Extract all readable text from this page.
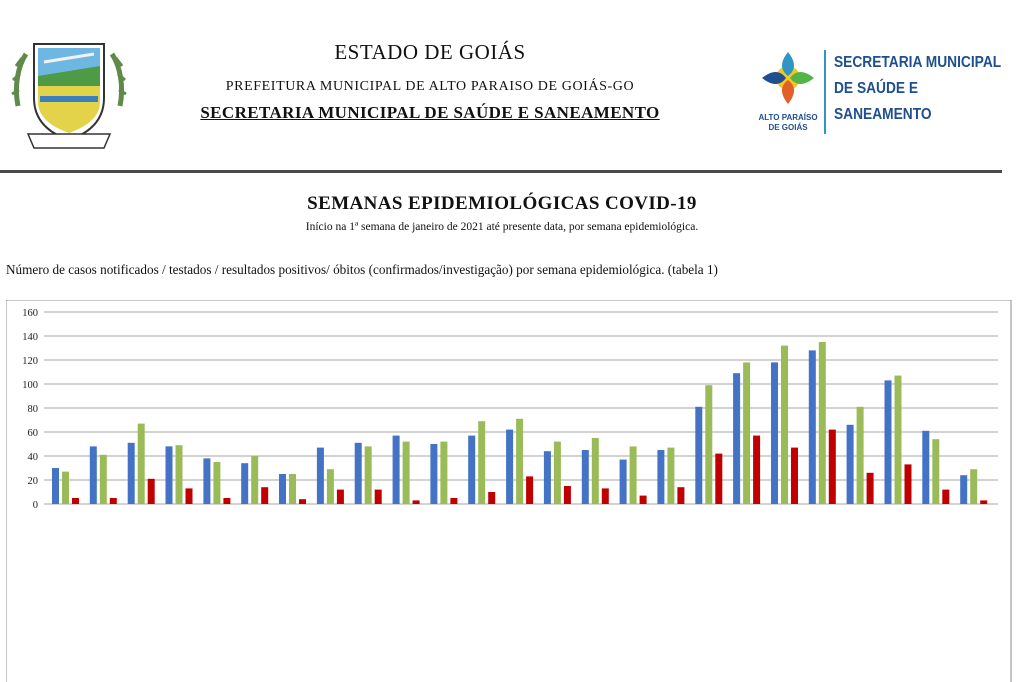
ESTADO DE GOIÁS
PREFEITURA MUNICIPAL DE ALTO PARAISO DE GOIÁS-GO
SECRETARIA MUNICIPAL DE SAÚDE E SANEAMENTO	ALTO PARAÍSO
DE GOIÁS
SECRETARIA MUNICIPAL
DE SAÚDE E
SANEAMENTO
SEMANAS EPIDEMIOLÓGICAS COVID-19
Início na 1ª semana de janeiro de 2021 até presente data, por semana epidemiológica.
Número de casos notificados / testados / resultados positivos/ óbitos (confirmados/investigação) por semana epidemiológica. (tabela 1)
0
20
40
60
80
100
120
140
160
